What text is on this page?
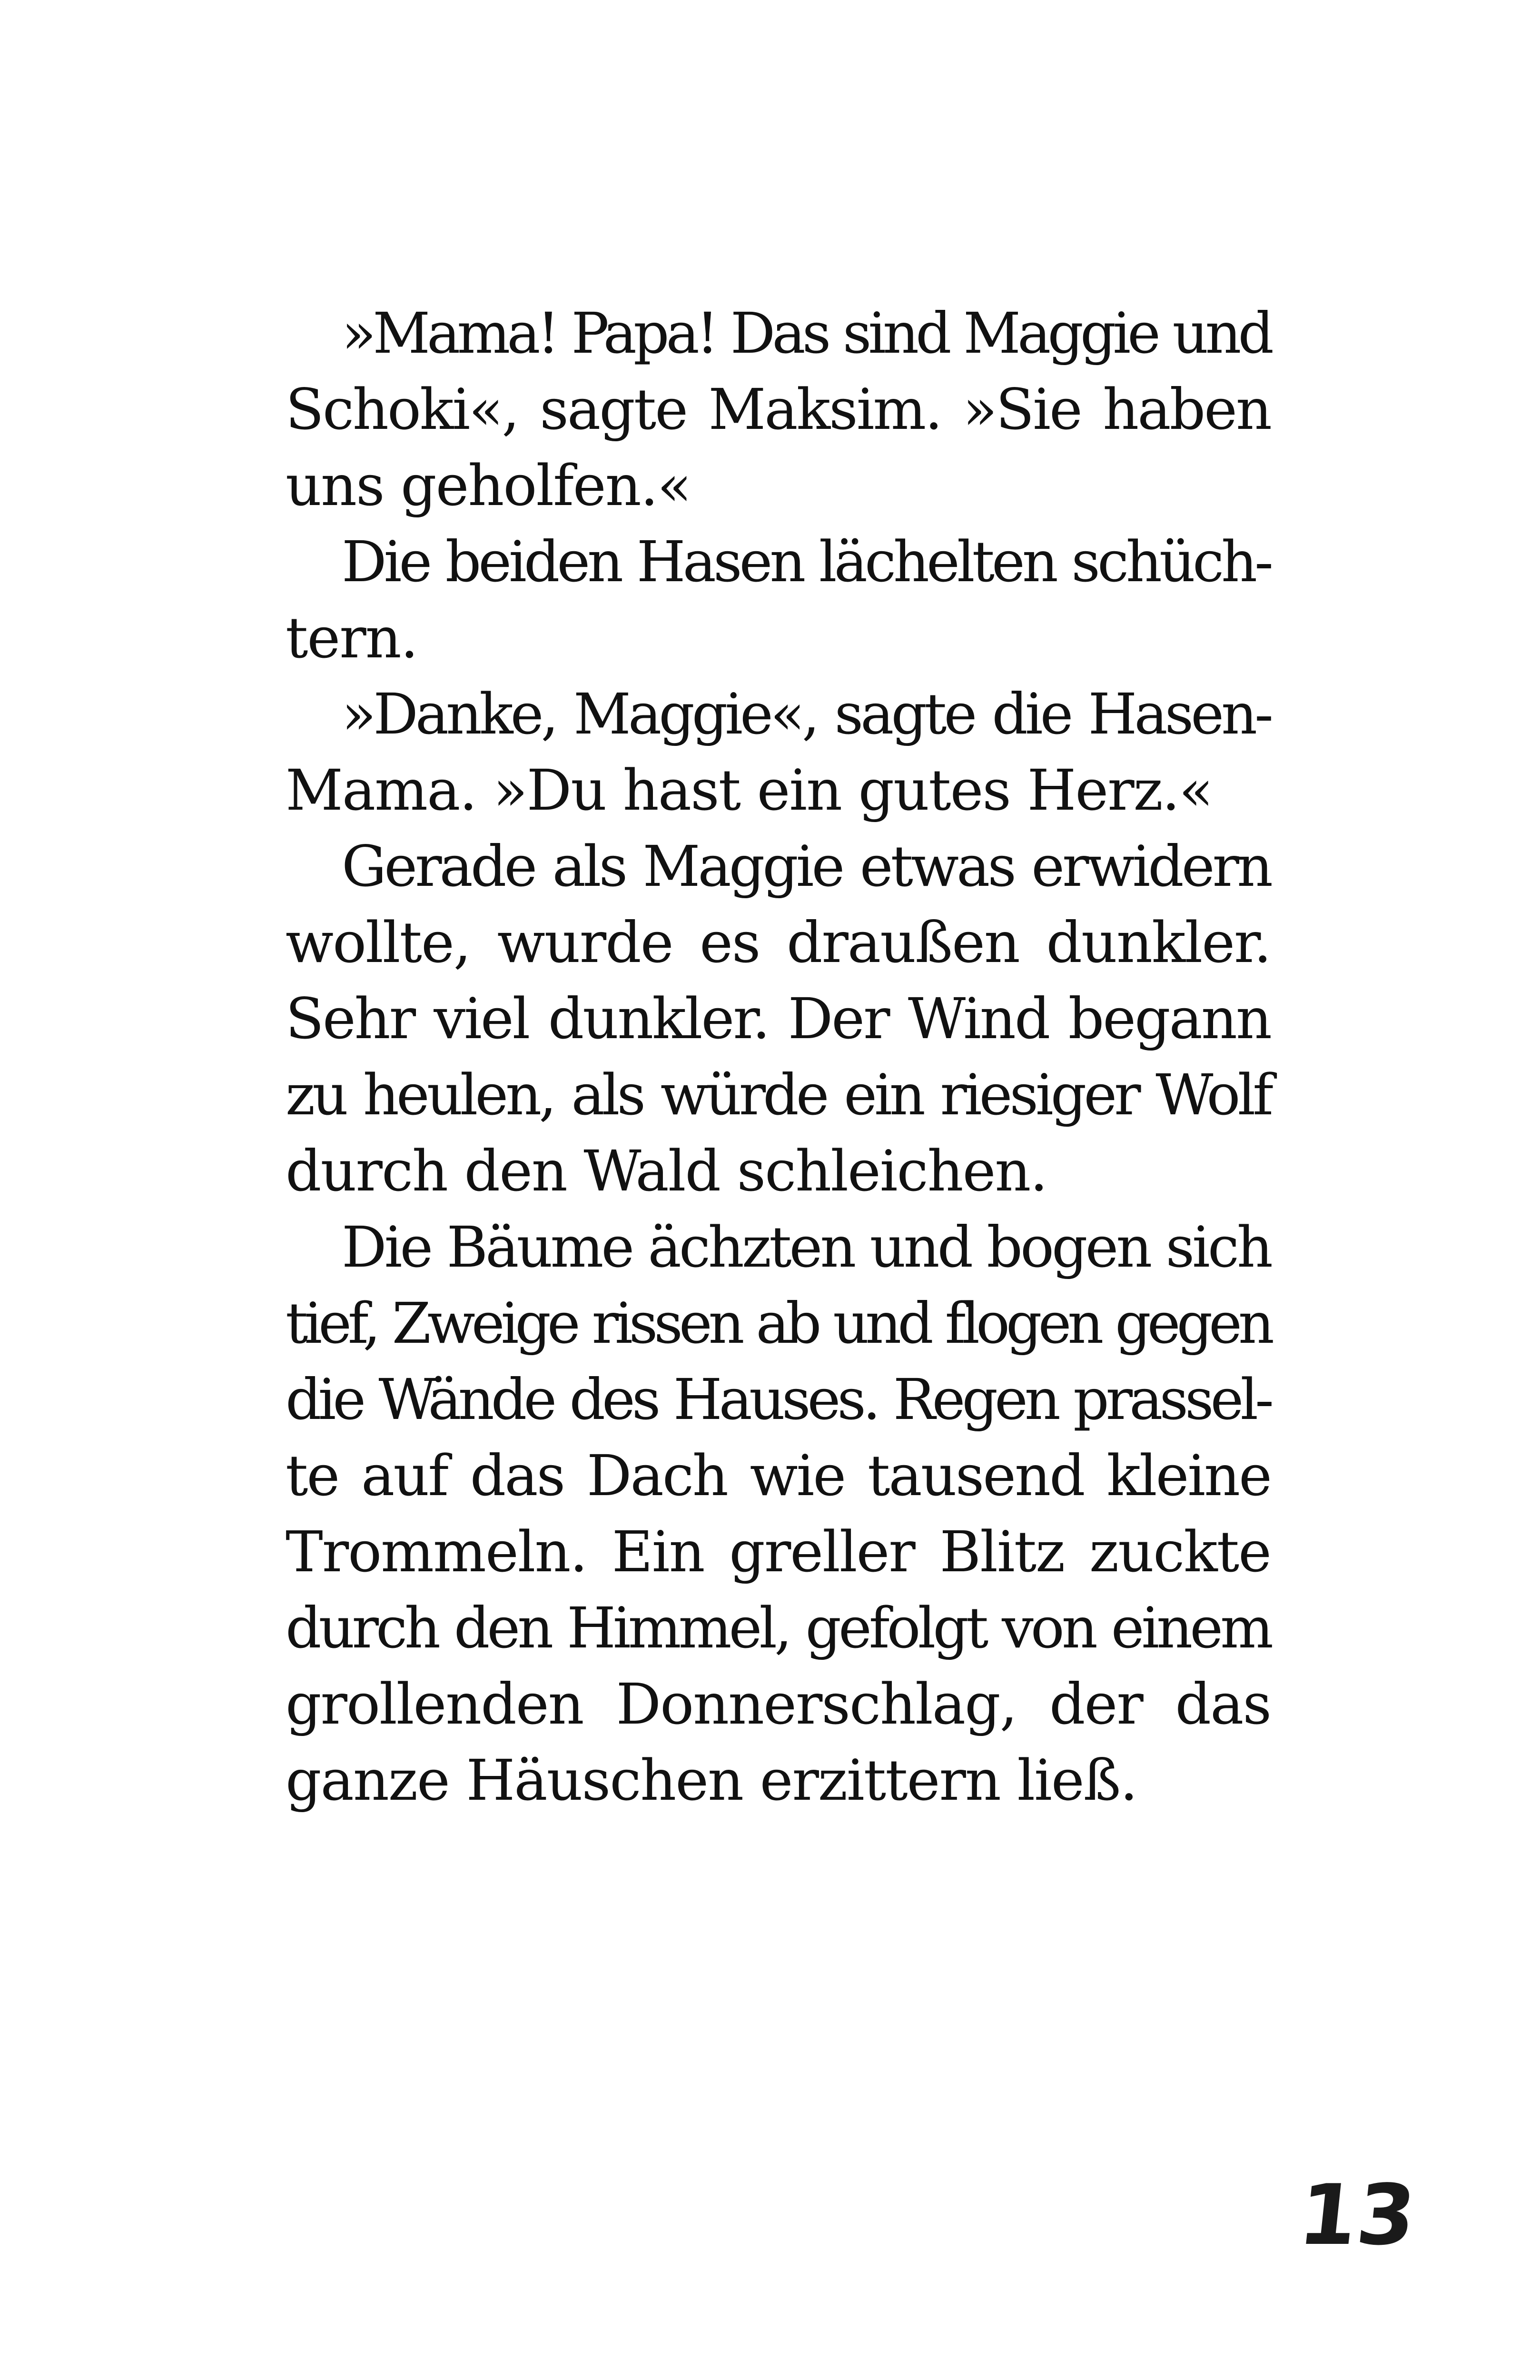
»Mama! Papa! Das sind Maggie und
Schoki«, sagte Maksim. »Sie haben
uns geholfen.«
Die beiden Hasen lächelten schüch-
tern.
»Danke, Maggie«, sagte die Hasen-
Mama. »Du hast ein gutes Herz.«
Gerade als Maggie etwas erwidern
wollte, wurde es draußen dunkler.
Sehr viel dunkler. Der Wind begann
zu heulen, als würde ein riesiger Wolf
durch den Wald schleichen.
Die Bäume ächzten und bogen sich
tief, Zweige rissen ab und flogen gegen
die Wände des Hauses. Regen prassel-
te auf das Dach wie tausend kleine
Trommeln. Ein greller Blitz zuckte
durch den Himmel, gefolgt von einem
grollenden Donnerschlag, der das
ganze Häuschen erzittern ließ.
13
